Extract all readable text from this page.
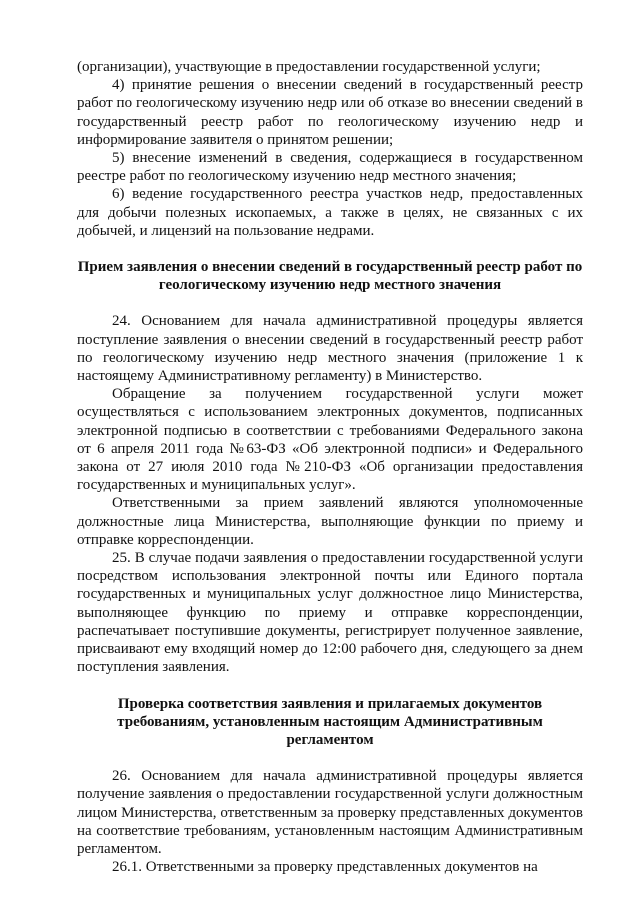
(организации), участвующие в предоставлении государственной услуги;

4) принятие решения о внесении сведений в государственный реестр работ по геологическому изучению недр или об отказе во внесении сведений в государственный реестр работ по геологическому изучению недр и информирование заявителя о принятом решении;

5) внесение изменений в сведения, содержащиеся в государственном реестре работ по геологическому изучению недр местного значения;

6) ведение государственного реестра участков недр, предоставленных для добычи полезных ископаемых, а также в целях, не связанных с их добычей, и лицензий на пользование недрами.

Прием заявления о внесении сведений в государственный реестр работ по геологическому изучению недр местного значения

24. Основанием для начала административной процедуры является поступление заявления о внесении сведений в государственный реестр работ по геологическому изучению недр местного значения (приложение 1 к настоящему Административному регламенту) в Министерство.

Обращение за получением государственной услуги может осуществляться с использованием электронных документов, подписанных электронной подписью в соответствии с требованиями Федерального закона от 6 апреля 2011 года №63-ФЗ «Об электронной подписи» и Федерального закона от 27 июля 2010 года №210-ФЗ «Об организации предоставления государственных и муниципальных услуг».

Ответственными за прием заявлений являются уполномоченные должностные лица Министерства, выполняющие функции по приему и отправке корреспонденции.

25. В случае подачи заявления о предоставлении государственной услуги посредством использования электронной почты или Единого портала государственных и муниципальных услуг должностное лицо Министерства, выполняющее функцию по приему и отправке корреспонденции, распечатывает поступившие документы, регистрирует полученное заявление, присваивают ему входящий номер до 12:00 рабочего дня, следующего за днем поступления заявления.

Проверка соответствия заявления и прилагаемых документов требованиям, установленным настоящим Административным регламентом

26. Основанием для начала административной процедуры является получение заявления о предоставлении государственной услуги должностным лицом Министерства, ответственным за проверку представленных документов на соответствие требованиям, установленным настоящим Административным регламентом.

26.1. Ответственными за проверку представленных документов на
